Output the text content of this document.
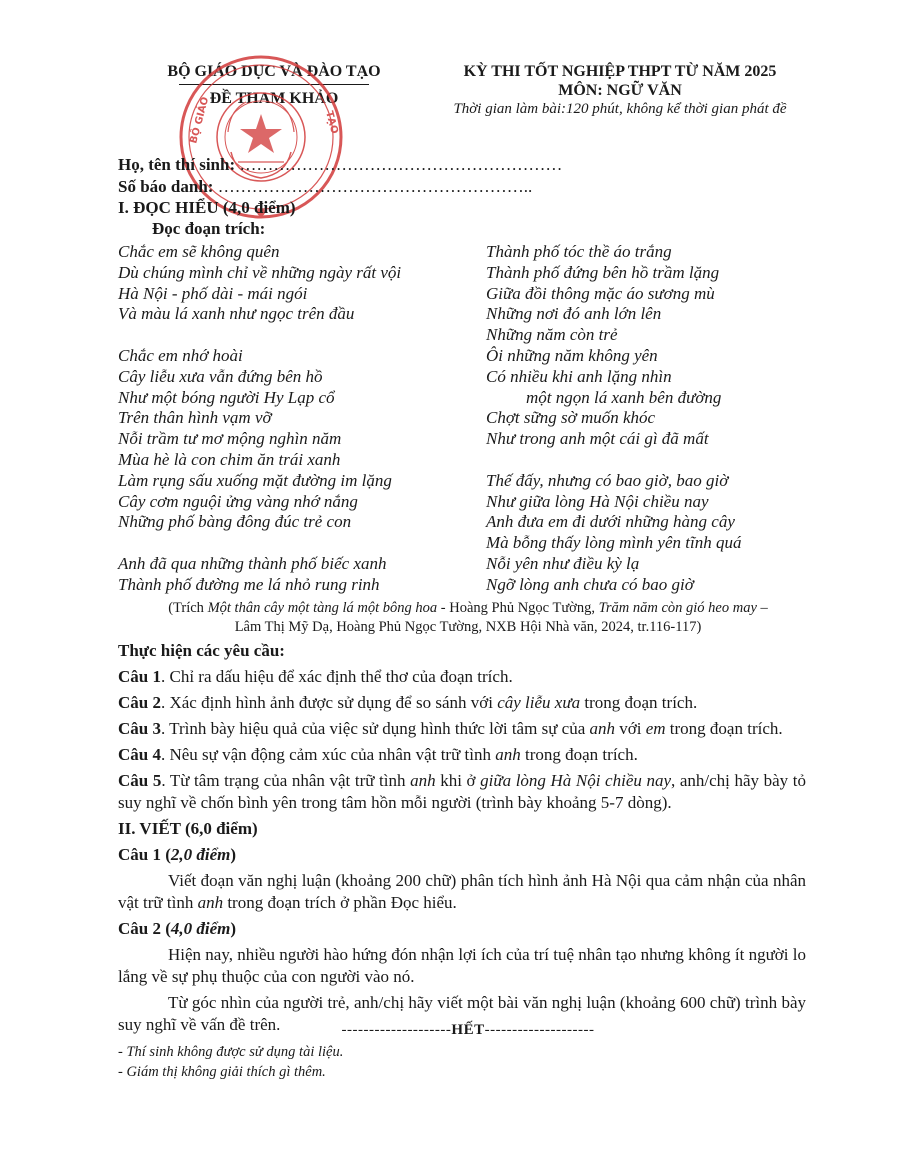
BỘ GIÁO DỤC VÀ ĐÀO TẠO
ĐỀ THAM KHẢO
BỘ GIÁO	TẠO
KỲ THI TỐT NGHIỆP THPT TỪ NĂM 2025
MÔN: NGỮ VĂN
Thời gian làm bài:120 phút, không kể thời gian phát đề
Họ, tên thí sinh: …………………………………………………
Số báo danh: ………………………………………………..
I. ĐỌC HIỂU (4,0 điểm)
Đọc đoạn trích:
Chắc em sẽ không quên
Dù chúng mình chỉ về những ngày rất vội
Hà Nội - phố dài - mái ngói
Và màu lá xanh như ngọc trên đầu
Chắc em nhớ hoài
Cây liễu xưa vẫn đứng bên hồ
Như một bóng người Hy Lạp cổ
Trên thân hình vạm vỡ
Nỗi trầm tư mơ mộng nghìn năm
Mùa hè là con chim ăn trái xanh
Làm rụng sấu xuống mặt đường im lặng
Cây cơm nguội ửng vàng nhớ nắng
Những phố bàng đông đúc trẻ con
Anh đã qua những thành phố biếc xanh
Thành phố đường me lá nhỏ rung rinh
Thành phố tóc thề áo trắng
Thành phố đứng bên hồ trầm lặng
Giữa đồi thông mặc áo sương mù
Những nơi đó anh lớn lên
Những năm còn trẻ
Ôi những năm không yên
Có nhiều khi anh lặng nhìn
một ngọn lá xanh bên đường
Chợt sững sờ muốn khóc
Như trong anh một cái gì đã mất
Thế đấy, nhưng có bao giờ, bao giờ
Như giữa lòng Hà Nội chiều nay
Anh đưa em đi dưới những hàng cây
Mà bỗng thấy lòng mình yên tĩnh quá
Nỗi yên như điều kỳ lạ
Ngỡ lòng anh chưa có bao giờ
(Trích Một thân cây một tàng lá một bông hoa - Hoàng Phủ Ngọc Tường, Trăm năm còn gió heo may –
Lâm Thị Mỹ Dạ, Hoàng Phủ Ngọc Tường, NXB Hội Nhà văn, 2024, tr.116-117)

Thực hiện các yêu cầu:

Câu 1. Chỉ ra dấu hiệu để xác định thể thơ của đoạn trích.

Câu 2. Xác định hình ảnh được sử dụng để so sánh với cây liễu xưa trong đoạn trích.

Câu 3. Trình bày hiệu quả của việc sử dụng hình thức lời tâm sự của anh với em trong đoạn trích.

Câu 4. Nêu sự vận động cảm xúc của nhân vật trữ tình anh trong đoạn trích.

Câu 5. Từ tâm trạng của nhân vật trữ tình anh khi ở giữa lòng Hà Nội chiều nay, anh/chị hãy bày tỏ suy nghĩ về chốn bình yên trong tâm hồn mỗi người (trình bày khoảng 5-7 dòng).

II. VIẾT (6,0 điểm)

Câu 1 (2,0 điểm)

Viết đoạn văn nghị luận (khoảng 200 chữ) phân tích hình ảnh Hà Nội qua cảm nhận của nhân vật trữ tình anh trong đoạn trích ở phần Đọc hiểu.

Câu 2 (4,0 điểm)

Hiện nay, nhiều người hào hứng đón nhận lợi ích của trí tuệ nhân tạo nhưng không ít người lo lắng về sự phụ thuộc của con người vào nó.

Từ góc nhìn của người trẻ, anh/chị hãy viết một bài văn nghị luận (khoảng 600 chữ) trình bày suy nghĩ về vấn đề trên.	--------------------HẾT--------------------
- Thí sinh không được sử dụng tài liệu.
- Giám thị không giải thích gì thêm.
